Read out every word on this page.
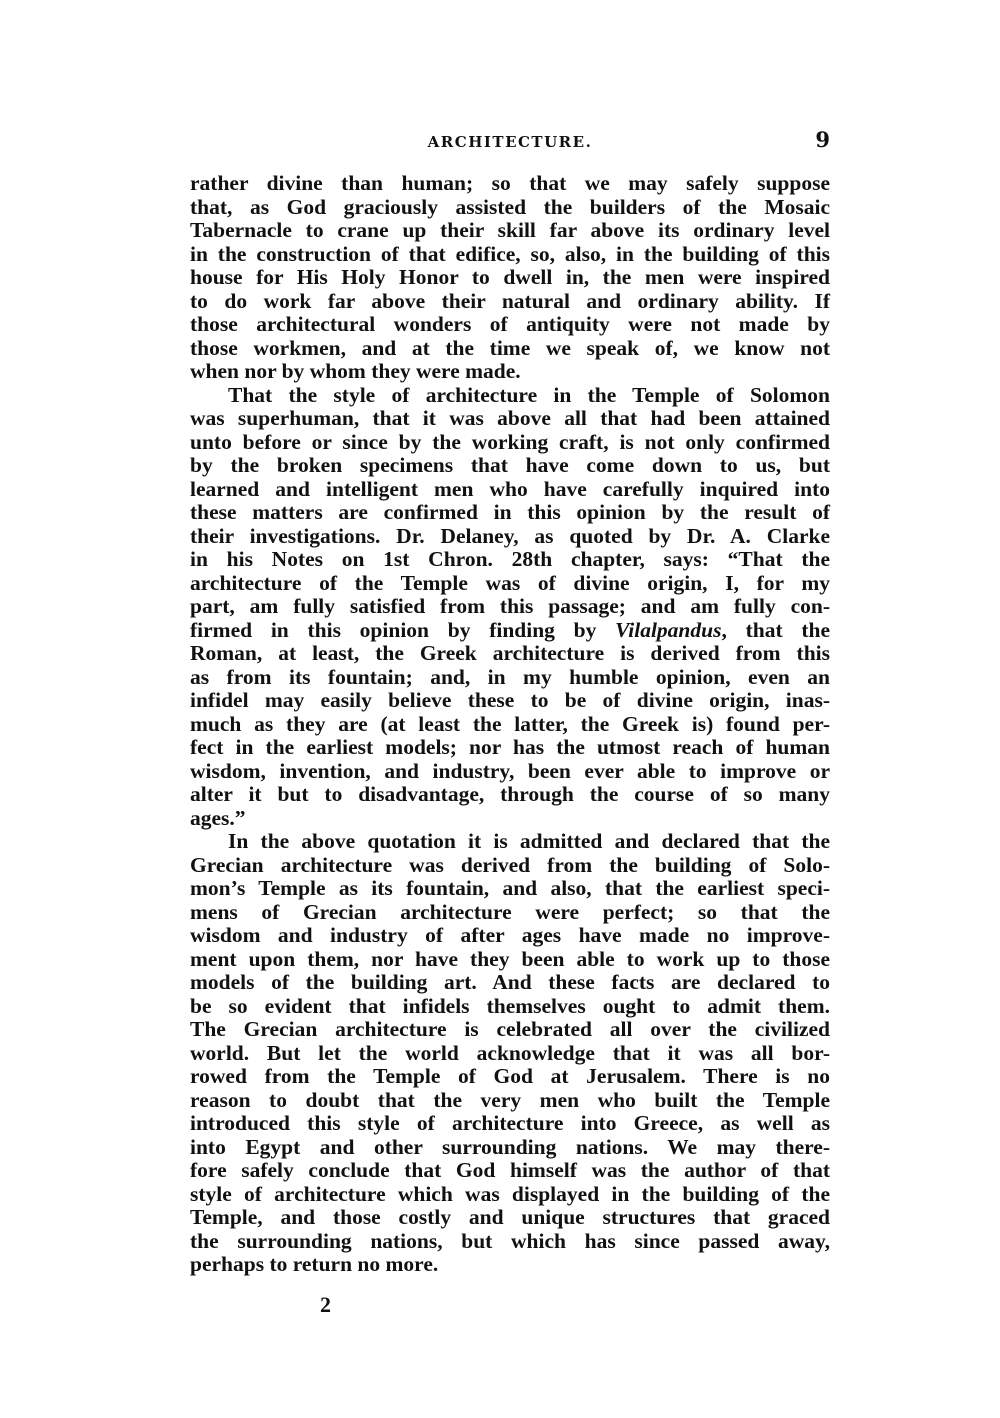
ARCHITECTURE.	9
rather divine than human; so that we may safely suppose
that, as God graciously assisted the builders of the Mosaic
Tabernacle to crane up their skill far above its ordinary level
in the construction of that edifice, so, also, in the building of this
house for His Holy Honor to dwell in, the men were inspired
to do work far above their natural and ordinary ability. If
those architectural wonders of antiquity were not made by
those workmen, and at the time we speak of, we know not
when nor by whom they were made.
That the style of architecture in the Temple of Solomon
was superhuman, that it was above all that had been attained
unto before or since by the working craft, is not only confirmed
by the broken specimens that have come down to us, but
learned and intelligent men who have carefully inquired into
these matters are confirmed in this opinion by the result of
their investigations. Dr. Delaney, as quoted by Dr. A. Clarke
in his Notes on 1st Chron. 28th chapter, says: “That the
architecture of the Temple was of divine origin, I, for my
part, am fully satisfied from this passage; and am fully con-
firmed in this opinion by finding by Vilalpandus, that the
Roman, at least, the Greek architecture is derived from this
as from its fountain; and, in my humble opinion, even an
infidel may easily believe these to be of divine origin, inas-
much as they are (at least the latter, the Greek is) found per-
fect in the earliest models; nor has the utmost reach of human
wisdom, invention, and industry, been ever able to improve or
alter it but to disadvantage, through the course of so many
ages.”
In the above quotation it is admitted and declared that the
Grecian architecture was derived from the building of Solo-
mon’s Temple as its fountain, and also, that the earliest speci-
mens of Grecian architecture were perfect; so that the
wisdom and industry of after ages have made no improve-
ment upon them, nor have they been able to work up to those
models of the building art. And these facts are declared to
be so evident that infidels themselves ought to admit them.
The Grecian architecture is celebrated all over the civilized
world. But let the world acknowledge that it was all bor-
rowed from the Temple of God at Jerusalem. There is no
reason to doubt that the very men who built the Temple
introduced this style of architecture into Greece, as well as
into Egypt and other surrounding nations. We may there-
fore safely conclude that God himself was the author of that
style of architecture which was displayed in the building of the
Temple, and those costly and unique structures that graced
the surrounding nations, but which has since passed away,
perhaps to return no more.
2
